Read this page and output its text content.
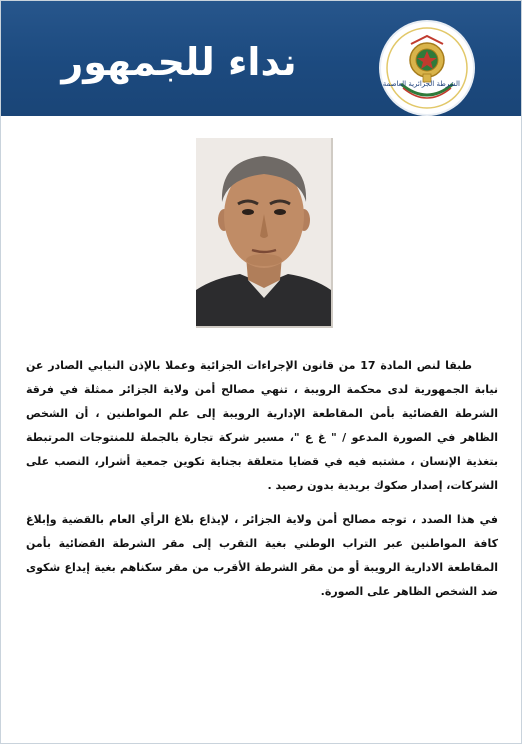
نداء للجمهور	الشرطة الجزائرية العاصمة

طبقا لنص المادة 17 من قانون الإجراءات الجزائية وعملا بالإذن النيابي الصادر عن نيابة الجمهورية لدى محكمة الرويبة ، تنهي مصالح أمن ولاية الجزائر ممثلة في فرقة الشرطة القضائية بأمن المقاطعة الإدارية الرويبة إلى علم المواطنين ، أن الشخص الظاهر في الصورة المدعو / " غ ع "، مسير شركة تجارة بالجملة للمنتوجات المرتبطة بتغذية الإنسان ، مشتبه فيه في قضايا متعلقة بجناية تكوين جمعية أشرار، النصب على الشركات، إصدار صكوك بريدية بدون رصيد .

في هذا الصدد ، توجه مصالح أمن ولاية الجزائر ، لإيذاع بلاغ الرأي العام بالقضية وإبلاغ كافة المواطنين عبر التراب الوطني بغية التقرب إلى مقر الشرطة القضائية بأمن المقاطعة الادارية الرويبة أو من مقر الشرطة الأقرب من مقر سكناهم بغية إيداع شكوى ضد الشخص الظاهر على الصورة.
